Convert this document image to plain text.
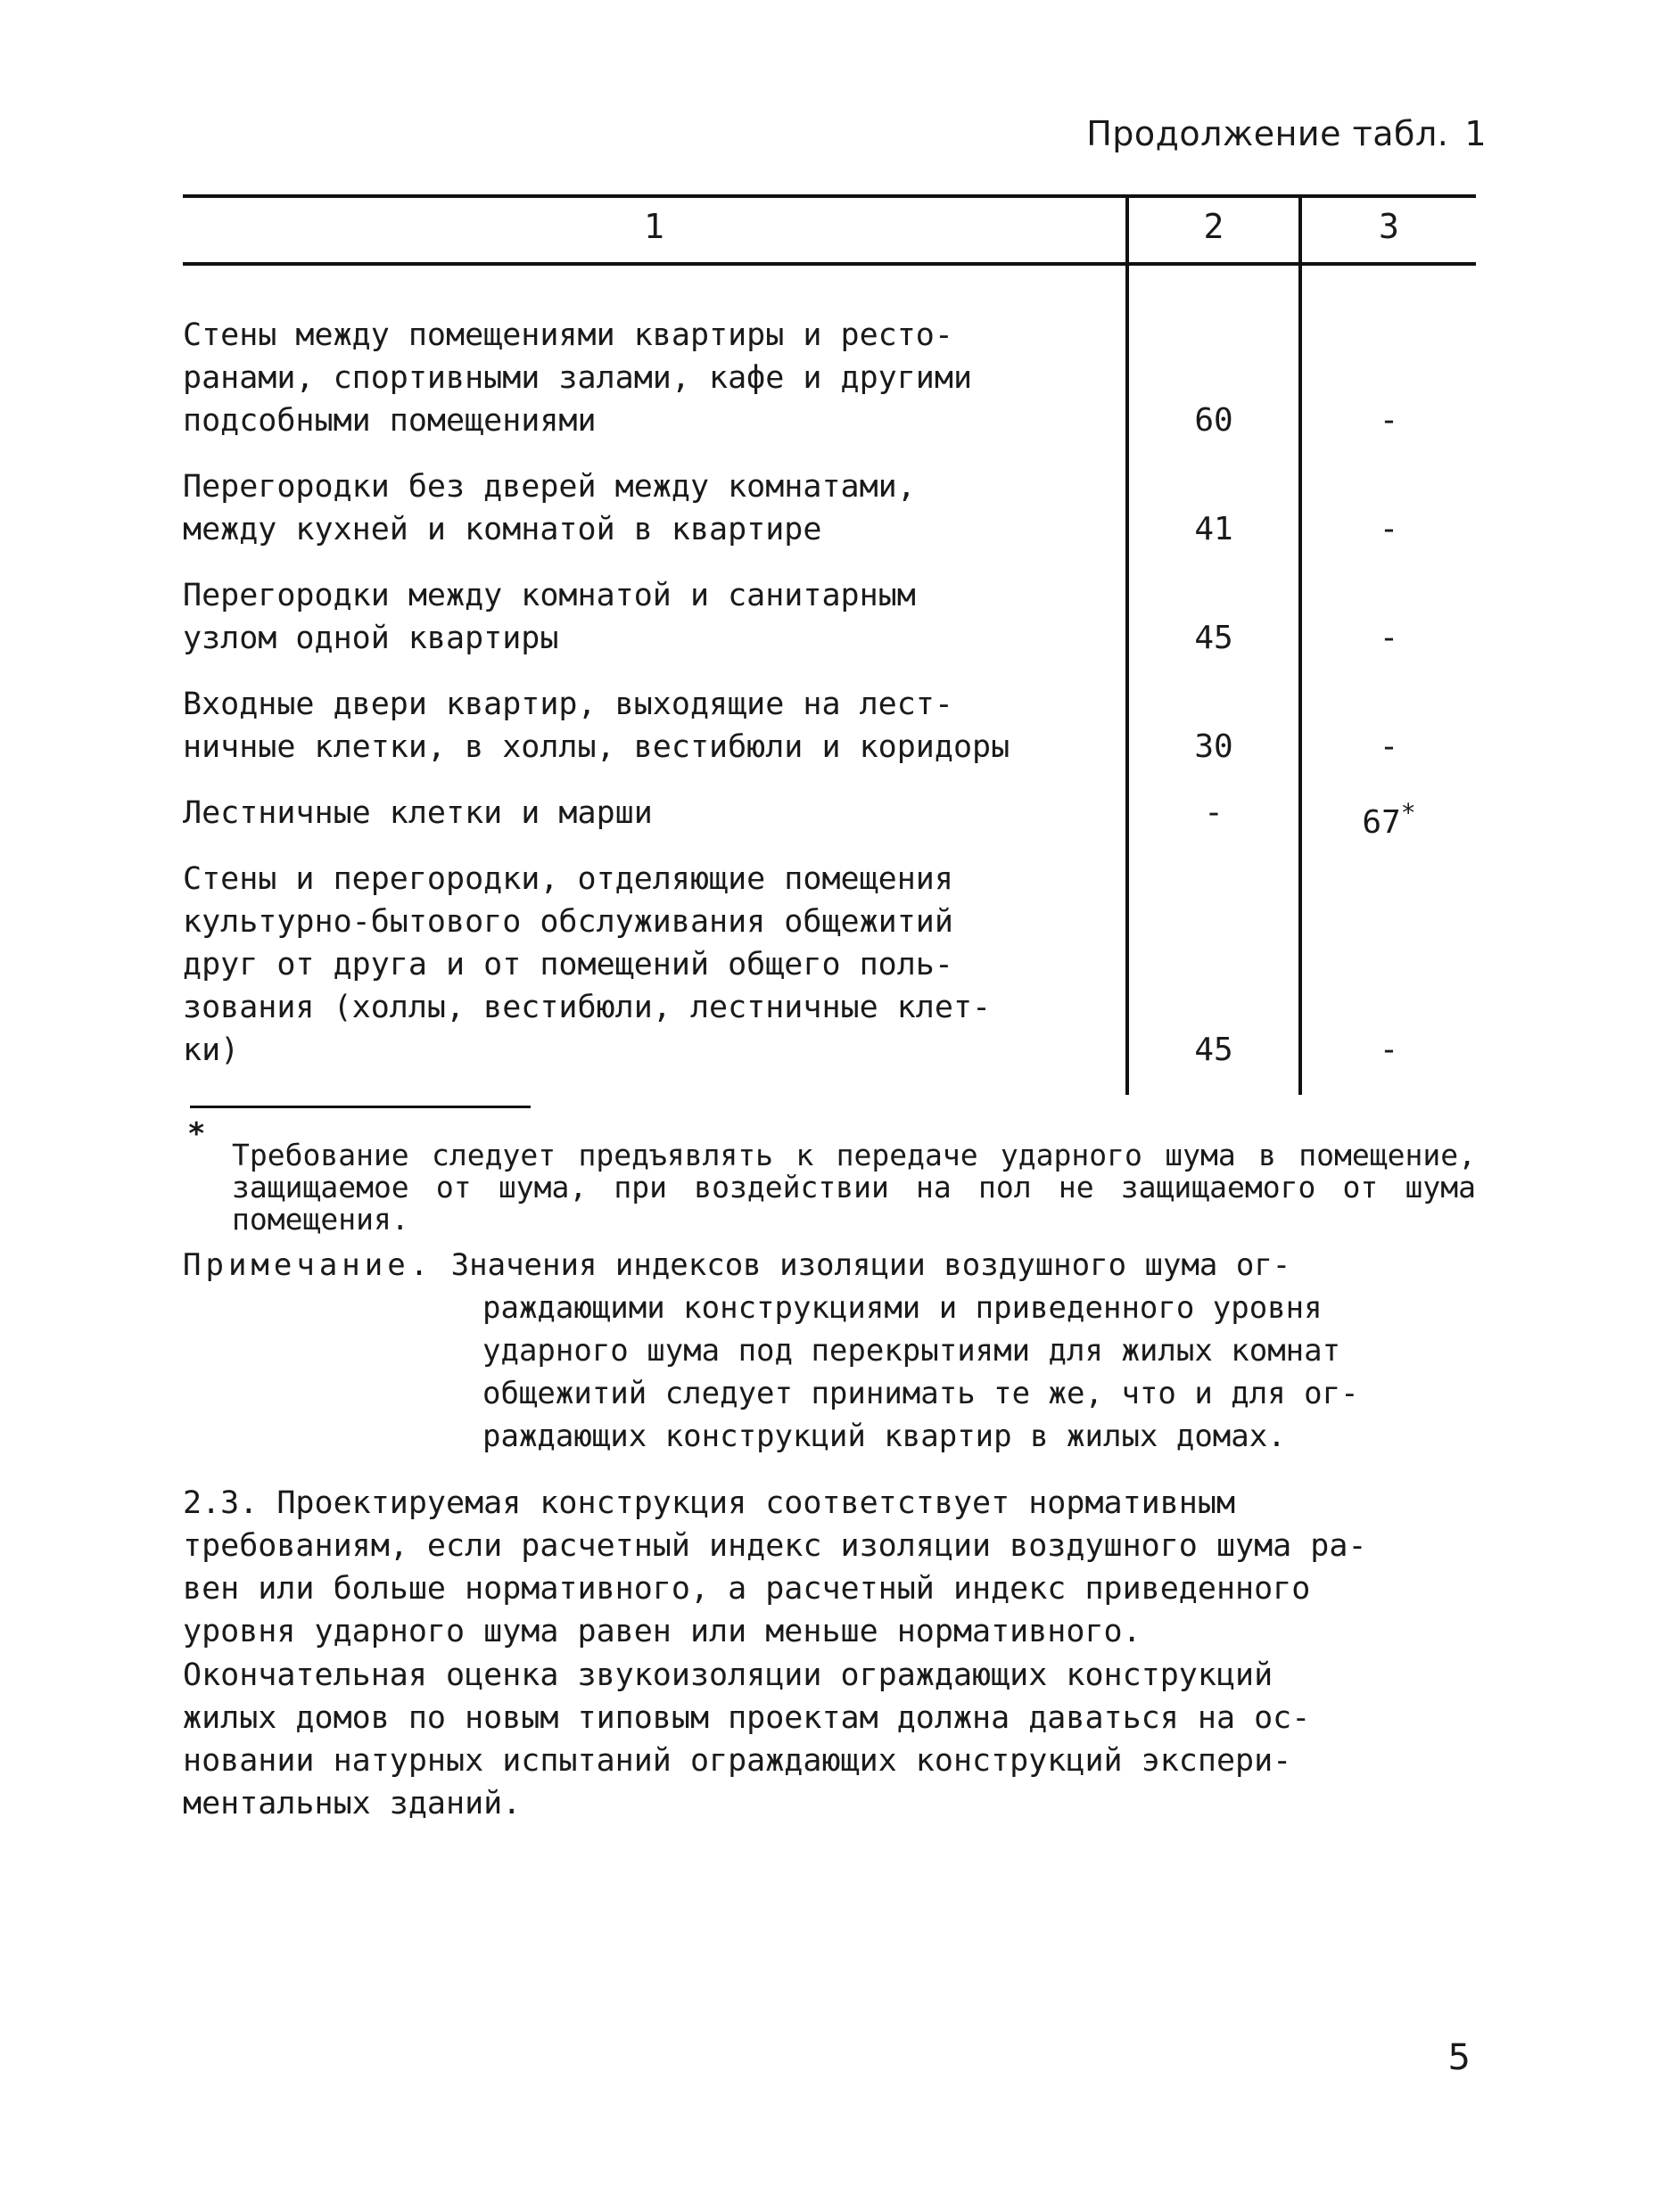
Продолжение табл. 1
1	2	3
Стены между помещениями квартиры и ресто-
ранами, спортивными залами, кафе и другими
подсобными помещениями	60	-
Перегородки без дверей между комнатами,
между кухней и комнатой в квартире	41	-
Перегородки между комнатой и санитарным
узлом одной квартиры	45	-
Входные двери квартир, выходящие на лест-
ничные клетки, в холлы, вестибюли и коридоры	30	-
Лестничные клетки и марши	-	67*
Стены и перегородки, отделяющие помещения
культурно-бытового обслуживания общежитий
друг от друга и от помещений общего поль-
зования (холлы, вестибюли, лестничные клет-
ки)	45	-
*
Требование следует предъявлять к передаче ударного шума в помещение, защищаемое от шума, при воздействии на пол не защищаемого от шума помещения.
Примечание. Значения индексов изоляции воздушного шума ог-
раждающими конструкциями и приведенного уровня
ударного шума под перекрытиями для жилых комнат
общежитий следует принимать те же, что и для ог-
раждающих конструкций квартир в жилых домах.
2.3. Проектируемая конструкция соответствует нормативным
требованиям, если расчетный индекс изоляции воздушного шума ра-
вен или больше нормативного, а расчетный индекс приведенного
уровня ударного шума равен или меньше нормативного.
Окончательная оценка звукоизоляции ограждающих конструкций
жилых домов по новым типовым проектам должна даваться на ос-
новании натурных испытаний ограждающих конструкций экспери-
ментальных зданий.
5
